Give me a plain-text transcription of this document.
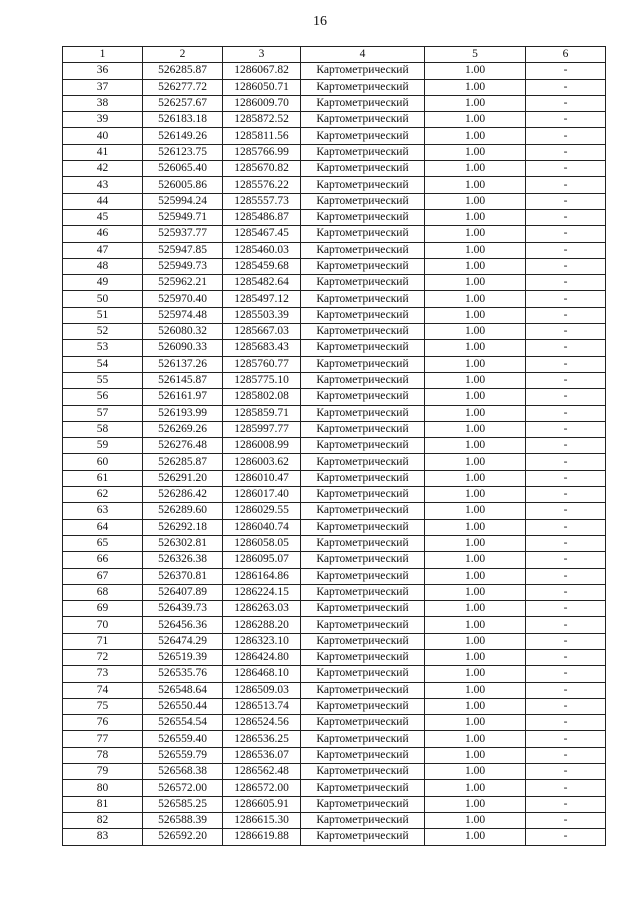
16
1	2	3	4	5	6
36	526285.87	1286067.82	Картометрический	1.00	-
37	526277.72	1286050.71	Картометрический	1.00	-
38	526257.67	1286009.70	Картометрический	1.00	-
39	526183.18	1285872.52	Картометрический	1.00	-
40	526149.26	1285811.56	Картометрический	1.00	-
41	526123.75	1285766.99	Картометрический	1.00	-
42	526065.40	1285670.82	Картометрический	1.00	-
43	526005.86	1285576.22	Картометрический	1.00	-
44	525994.24	1285557.73	Картометрический	1.00	-
45	525949.71	1285486.87	Картометрический	1.00	-
46	525937.77	1285467.45	Картометрический	1.00	-
47	525947.85	1285460.03	Картометрический	1.00	-
48	525949.73	1285459.68	Картометрический	1.00	-
49	525962.21	1285482.64	Картометрический	1.00	-
50	525970.40	1285497.12	Картометрический	1.00	-
51	525974.48	1285503.39	Картометрический	1.00	-
52	526080.32	1285667.03	Картометрический	1.00	-
53	526090.33	1285683.43	Картометрический	1.00	-
54	526137.26	1285760.77	Картометрический	1.00	-
55	526145.87	1285775.10	Картометрический	1.00	-
56	526161.97	1285802.08	Картометрический	1.00	-
57	526193.99	1285859.71	Картометрический	1.00	-
58	526269.26	1285997.77	Картометрический	1.00	-
59	526276.48	1286008.99	Картометрический	1.00	-
60	526285.87	1286003.62	Картометрический	1.00	-
61	526291.20	1286010.47	Картометрический	1.00	-
62	526286.42	1286017.40	Картометрический	1.00	-
63	526289.60	1286029.55	Картометрический	1.00	-
64	526292.18	1286040.74	Картометрический	1.00	-
65	526302.81	1286058.05	Картометрический	1.00	-
66	526326.38	1286095.07	Картометрический	1.00	-
67	526370.81	1286164.86	Картометрический	1.00	-
68	526407.89	1286224.15	Картометрический	1.00	-
69	526439.73	1286263.03	Картометрический	1.00	-
70	526456.36	1286288.20	Картометрический	1.00	-
71	526474.29	1286323.10	Картометрический	1.00	-
72	526519.39	1286424.80	Картометрический	1.00	-
73	526535.76	1286468.10	Картометрический	1.00	-
74	526548.64	1286509.03	Картометрический	1.00	-
75	526550.44	1286513.74	Картометрический	1.00	-
76	526554.54	1286524.56	Картометрический	1.00	-
77	526559.40	1286536.25	Картометрический	1.00	-
78	526559.79	1286536.07	Картометрический	1.00	-
79	526568.38	1286562.48	Картометрический	1.00	-
80	526572.00	1286572.00	Картометрический	1.00	-
81	526585.25	1286605.91	Картометрический	1.00	-
82	526588.39	1286615.30	Картометрический	1.00	-
83	526592.20	1286619.88	Картометрический	1.00	-
